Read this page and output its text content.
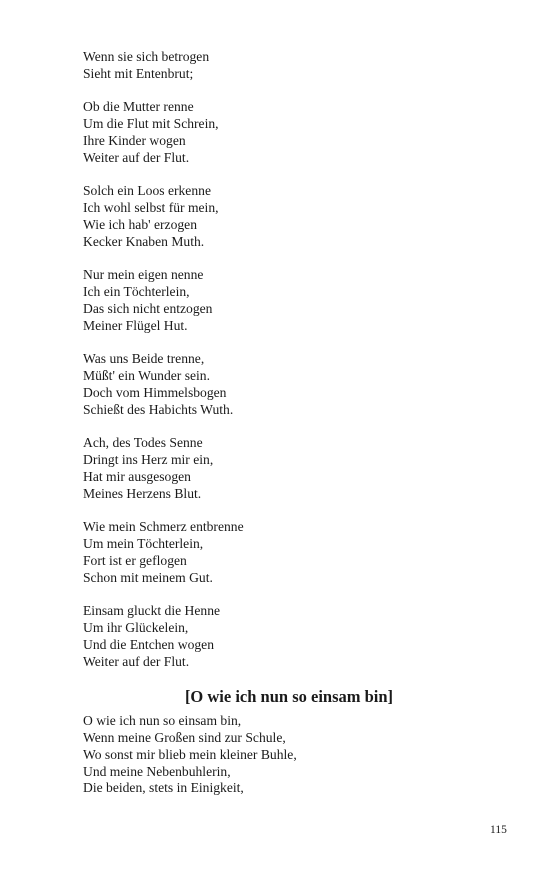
Wenn sie sich betrogen
Sieht mit Entenbrut;
Ob die Mutter renne
Um die Flut mit Schrein,
Ihre Kinder wogen
Weiter auf der Flut.
Solch ein Loos erkenne
Ich wohl selbst für mein,
Wie ich hab' erzogen
Kecker Knaben Muth.
Nur mein eigen nenne
Ich ein Töchterlein,
Das sich nicht entzogen
Meiner Flügel Hut.
Was uns Beide trenne,
Müßt' ein Wunder sein.
Doch vom Himmelsbogen
Schießt des Habichts Wuth.
Ach, des Todes Senne
Dringt ins Herz mir ein,
Hat mir ausgesogen
Meines Herzens Blut.
Wie mein Schmerz entbrenne
Um mein Töchterlein,
Fort ist er geflogen
Schon mit meinem Gut.
Einsam gluckt die Henne
Um ihr Glückelein,
Und die Entchen wogen
Weiter auf der Flut.
[O wie ich nun so einsam bin]
O wie ich nun so einsam bin,
Wenn meine Großen sind zur Schule,
Wo sonst mir blieb mein kleiner Buhle,
Und meine Nebenbuhlerin,
Die beiden, stets in Einigkeit,
115
